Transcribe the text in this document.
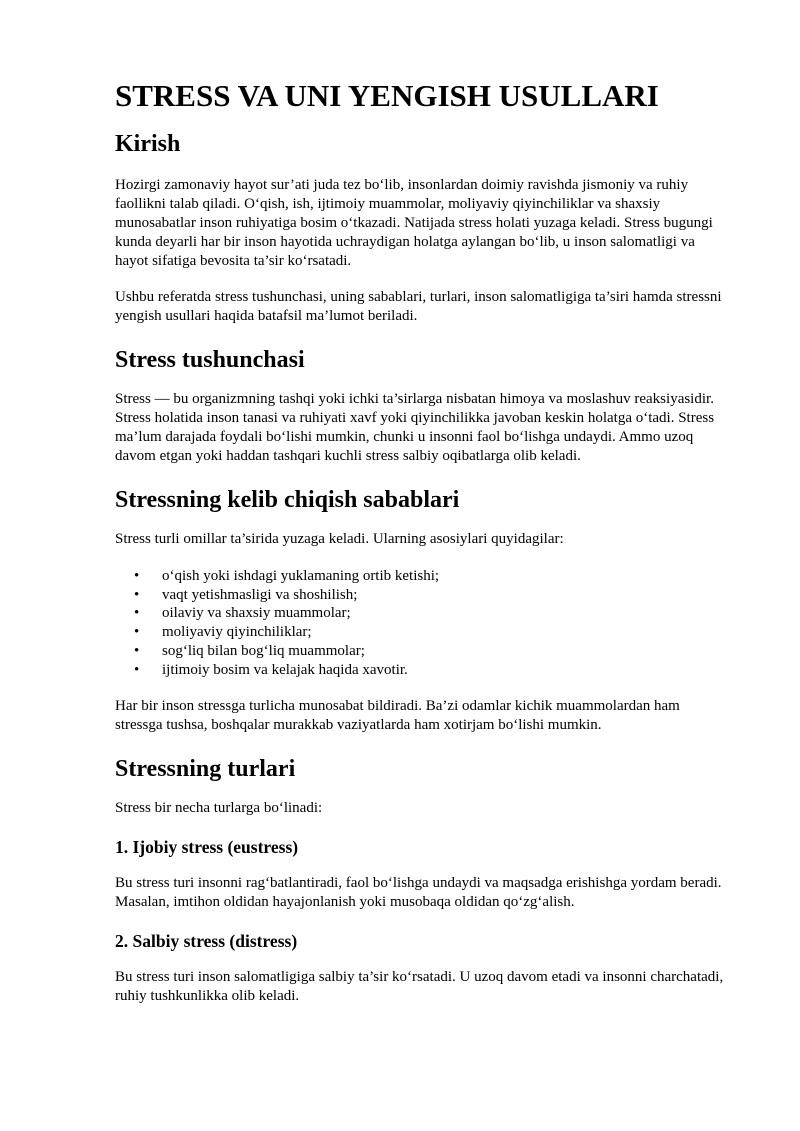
STRESS VA UNI YENGISH USULLARI
Kirish

Hozirgi zamonaviy hayot sur’ati juda tez bo‘lib, insonlardan doimiy ravishda jismoniy va ruhiy faollikni talab qiladi. O‘qish, ish, ijtimoiy muammolar, moliyaviy qiyinchiliklar va shaxsiy munosabatlar inson ruhiyatiga bosim o‘tkazadi. Natijada stress holati yuzaga keladi. Stress bugungi kunda deyarli har bir inson hayotida uchraydigan holatga aylangan bo‘lib, u inson salomatligi va hayot sifatiga bevosita ta’sir ko‘rsatadi.

Ushbu referatda stress tushunchasi, uning sabablari, turlari, inson salomatligiga ta’siri hamda stressni yengish usullari haqida batafsil ma’lumot beriladi.

Stress tushunchasi

Stress — bu organizmning tashqi yoki ichki ta’sirlarga nisbatan himoya va moslashuv reaksiyasidir. Stress holatida inson tanasi va ruhiyati xavf yoki qiyinchilikka javoban keskin holatga o‘tadi. Stress ma’lum darajada foydali bo‘lishi mumkin, chunki u insonni faol bo‘lishga undaydi. Ammo uzoq davom etgan yoki haddan tashqari kuchli stress salbiy oqibatlarga olib keladi.

Stressning kelib chiqish sabablari

Stress turli omillar ta’sirida yuzaga keladi. Ularning asosiylari quyidagilar:

• o‘qish yoki ishdagi yuklamaning ortib ketishi;
• vaqt yetishmasligi va shoshilish;
• oilaviy va shaxsiy muammolar;
• moliyaviy qiyinchiliklar;
• sog‘liq bilan bog‘liq muammolar;
• ijtimoiy bosim va kelajak haqida xavotir.

Har bir inson stressga turlicha munosabat bildiradi. Ba’zi odamlar kichik muammolardan ham stressga tushsa, boshqalar murakkab vaziyatlarda ham xotirjam bo‘lishi mumkin.

Stressning turlari

Stress bir necha turlarga bo‘linadi:

1. Ijobiy stress (eustress)

Bu stress turi insonni rag‘batlantiradi, faol bo‘lishga undaydi va maqsadga erishishga yordam beradi. Masalan, imtihon oldidan hayajonlanish yoki musobaqa oldidan qo‘zg‘alish.

2. Salbiy stress (distress)

Bu stress turi inson salomatligiga salbiy ta’sir ko‘rsatadi. U uzoq davom etadi va insonni charchatadi, ruhiy tushkunlikka olib keladi.
